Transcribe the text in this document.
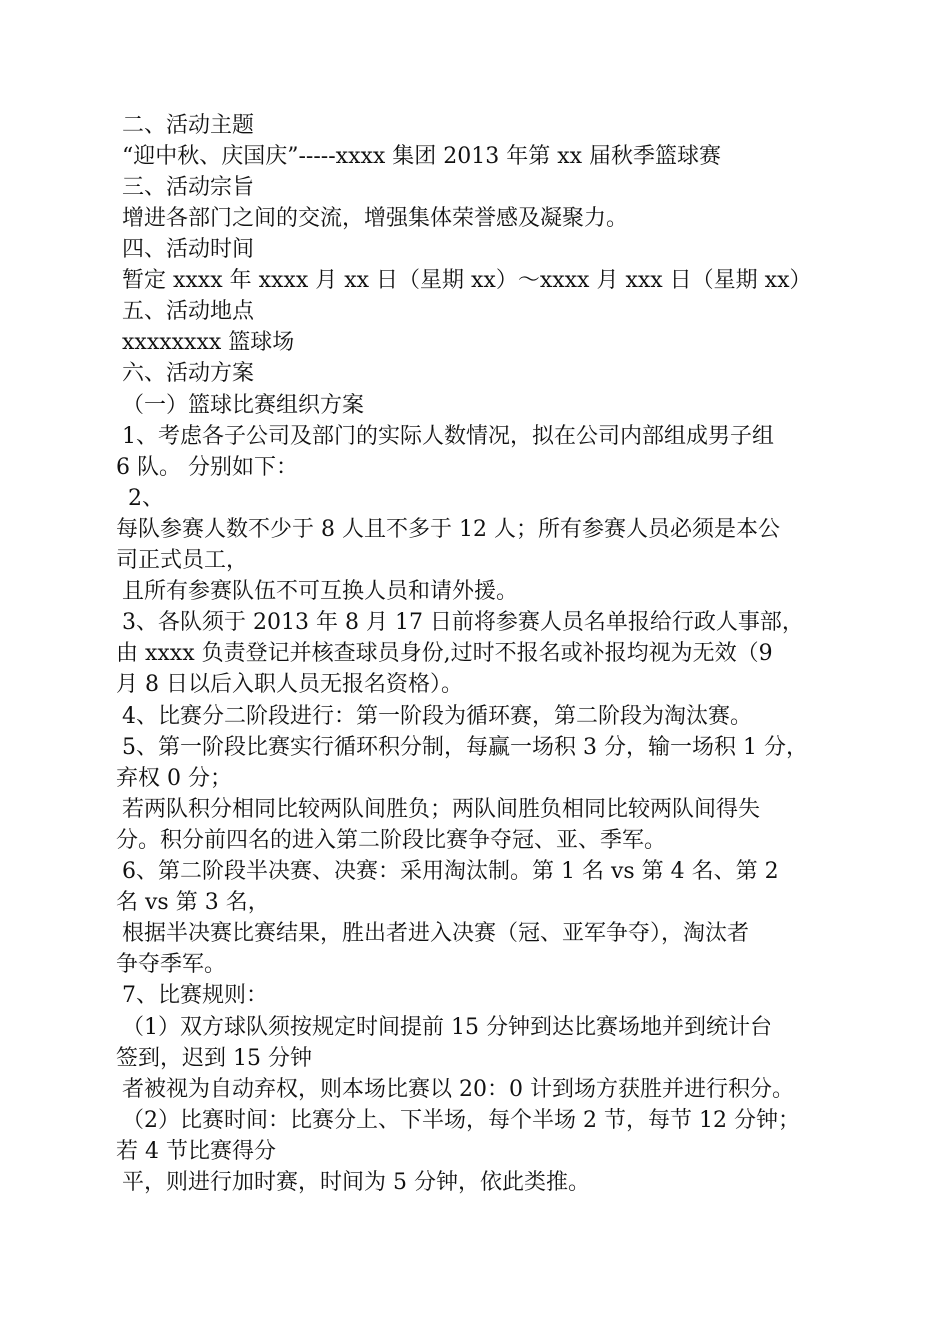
二、活动主题
“迎中秋、庆国庆”-----xxxx 集团 2013 年第 xx 届秋季篮球赛
三、活动宗旨
增进各部门之间的交流，增强集体荣誉感及凝聚力。
四、活动时间
暂定 xxxx 年 xxxx 月 xx 日（星期 xx）～xxxx 月 xxx 日（星期 xx）
五、活动地点
xxxxxxxx 篮球场
六、活动方案
（一）篮球比赛组织方案
1、考虑各子公司及部门的实际人数情况，拟在公司内部组成男子组
6 队。 分别如下：
2、
每队参赛人数不少于 8 人且不多于 12 人；所有参赛人员必须是本公
司正式员工，
且所有参赛队伍不可互换人员和请外援。
3、各队须于 2013 年 8 月 17 日前将参赛人员名单报给行政人事部，
由 xxxx 负责登记并核查球员身份,过时不报名或补报均视为无效（9
月 8 日以后入职人员无报名资格）。
4、比赛分二阶段进行：第一阶段为循环赛，第二阶段为淘汰赛。
5、第一阶段比赛实行循环积分制，每赢一场积 3 分，输一场积 1 分，
弃权 0 分；
若两队积分相同比较两队间胜负；两队间胜负相同比较两队间得失
分。积分前四名的进入第二阶段比赛争夺冠、亚、季军。
6、第二阶段半决赛、决赛：采用淘汰制。第 1 名 vs 第 4 名、第 2
名 vs 第 3 名，
根据半决赛比赛结果，胜出者进入决赛（冠、亚军争夺），淘汰者
争夺季军。
7、比赛规则：
（1）双方球队须按规定时间提前 15 分钟到达比赛场地并到统计台
签到，迟到 15 分钟
者被视为自动弃权，则本场比赛以 20：0 计到场方获胜并进行积分。
（2）比赛时间：比赛分上、下半场，每个半场 2 节，每节 12 分钟；
若 4 节比赛得分
平，则进行加时赛，时间为 5 分钟，依此类推。
